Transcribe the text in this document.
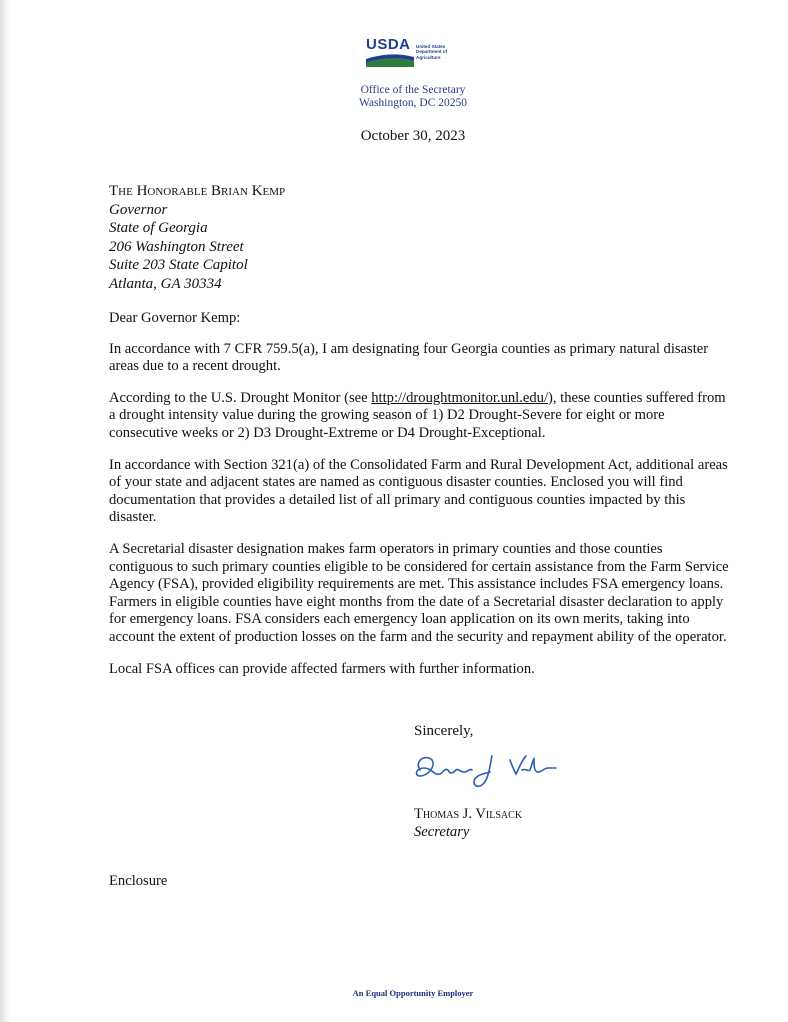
USDA United States Department of Agriculture
Office of the Secretary
Washington, DC 20250
October 30, 2023
The Honorable Brian Kemp
Governor
State of Georgia
206 Washington Street
Suite 203 State Capitol
Atlanta, GA 30334

Dear Governor Kemp:

In accordance with 7 CFR 759.5(a), I am designating four Georgia counties as primary natural disaster areas due to a recent drought.

According to the U.S. Drought Monitor (see http://droughtmonitor.unl.edu/), these counties suffered from a drought intensity value during the growing season of 1) D2 Drought-Severe for eight or more consecutive weeks or 2) D3 Drought-Extreme or D4 Drought-Exceptional.

In accordance with Section 321(a) of the Consolidated Farm and Rural Development Act, additional areas of your state and adjacent states are named as contiguous disaster counties. Enclosed you will find documentation that provides a detailed list of all primary and contiguous counties impacted by this disaster.

A Secretarial disaster designation makes farm operators in primary counties and those counties contiguous to such primary counties eligible to be considered for certain assistance from the Farm Service Agency (FSA), provided eligibility requirements are met. This assistance includes FSA emergency loans. Farmers in eligible counties have eight months from the date of a Secretarial disaster declaration to apply for emergency loans. FSA considers each emergency loan application on its own merits, taking into account the extent of production losses on the farm and the security and repayment ability of the operator.

Local FSA offices can provide affected farmers with further information.

Sincerely,
Thomas J. Vilsack
Secretary
Enclosure
An Equal Opportunity Employer
